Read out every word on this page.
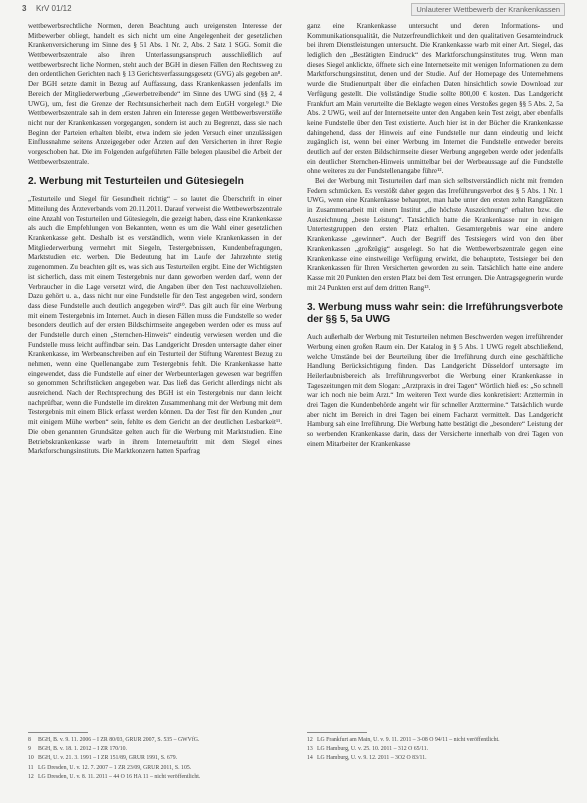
3 KrV 01/12	Unlauterer Wettbewerb der Krankenkassen

wettbewerbsrechtliche Normen, deren Beachtung auch ureigensten Interesse der Mitbewerber obliegt, handelt es sich nicht um eine Angelegenheit der gesetzlichen Krankenversicherung im Sinne des § 51 Abs. 1 Nr. 2, Abs. 2 Satz 1 SGG. Somit die Wettbewerbszentrale also ihren Unterlassungsanspruch ausschließlich auf wettbewerbsrecht liche Normen, steht auch der BGH in diesen Fällen den Rechtsweg zu den ordentlichen Gerichten nach § 13 Gerichtsverfassungsgesetz (GVG) als gegeben an⁸. Der BGH setzte damit in Bezug auf Auffassung, dass Krankenkassen jedenfalls im Bereich der Mitgliederwerbung „Gewerbetreibende“ im Sinne des UWG sind (§§ 2, 4 UWG), um, fest die Grenze der Rechtsunsicherheit nach dem EuGH vorgelegt.⁹ Die Wettbewerbszentrale sah in dem ersten Jahren ein Interesse gegen Wettbewerbsverstöße nicht nur der Krankenkassen vorgegangen, sondern ist auch zu Begrenzt, dass sie nach Beginn der Parteien erhalten bleibt, etwa indem sie jeden Versuch einer unzulässigen Einflussnahme seitens Anzeigegeber oder Ärzten auf den Versicherten in ihrer Regie vorgeschoben hat. Die im Folgenden aufgeführten Fälle belegen plausibel die Arbeit der Wettbewerbszentrale.

2. Werbung mit Testurteilen und Gütesiegeln

„Testurteile und Siegel für Gesundheit richtig“ – so lautet die Überschrift in einer Mitteilung des Ärzteverbands vom 20.11.2011. Darauf verweist die Wettbewerbszentrale eine Anzahl von Testurteilen und Gütesiegeln, die gezeigt haben, dass eine Krankenkasse als auch die Empfehlungen von Bekannten, wenn es um die Wahl einer gesetzlichen Krankenkasse geht. Deshalb ist es verständlich, wenn viele Krankenkassen in der Mitgliederwerbung vermehrt mit Siegeln, Testergebnissen, Kundenbefragungen, Marktstudien etc. werben. Die Bedeutung hat im Laufe der Jahrzehnte stetig zugenommen. Zu beachten gilt es, was sich aus Testurteilen ergibt. Eine der Wichtigsten ist sicherlich, dass mit einem Testergebnis nur dann geworben werden darf, wenn der Verbraucher in die Lage versetzt wird, die Angaben über den Test nachzuvollziehen. Dazu gehört u. a., dass nicht nur eine Fundstelle für den Test angegeben wird, sondern dass diese Fundstelle auch deutlich angegeben wird¹⁰. Das gilt auch für eine Werbung mit einem Testergebnis im Internet. Auch in diesen Fällen muss die Fundstelle so weder besonders deutlich auf der ersten Bildschirmseite angegeben werden oder es muss auf der Fundstelle durch einen „Sternchen-Hinweis“ eindeutig verwiesen werden und die Fundstelle muss leicht auffindbar sein. Das Landgericht Dresden untersagte daher einer Krankenkasse, im Werbeanschreiben auf ein Testurteil der Stiftung Warentest Bezug zu nehmen, wenn eine Quellenangabe zum Testergebnis fehlt. Die Krankenkasse hatte eingewendet, dass die Fundstelle auf einer der Werbeunterlagen gewesen war begriffen so genommen Schriftstücken angegeben war. Das ließ das Gericht allerdings nicht als ausreichend. Nach der Rechtsprechung des BGH ist ein Testergebnis nur dann leicht nachprüfbar, wenn die Fundstelle im direkten Zusammenhang mit der Werbung mit dem Testergebnis mit einem Blick erfasst werden können. Da der Test für den Kunden „nur mit einigem Mühe werben“ sein, fehlte es dem Gericht an der deutlichen Lesbarkeit¹¹. Die oben genannten Grundsätze gelten auch für die Werbung mit Marktstudien. Eine Betriebskrankenkasse warb in ihrem Internetauftritt mit dem Siegel eines Marktforschungsinstituts. Die Marktkonzern hatten Sparfrag

ganz eine Krankenkasse untersucht und deren Informations- und Kommunikationsqualität, die Nutzerfreundlichkeit und den qualitativen Gesamteindruck bei ihrem Dienstleistungen untersucht. Die Krankenkasse warb mit einer Art. Siegel, das lediglich den „Bestätigten Eindruck“ des Marktforschungsinstitutes trug. Wenn man dieses Siegel anklickte, öffnete sich eine Internetseite mit wenigen Informationen zu dem Marktforschungsinstitut, denen und der Studie. Auf der Homepage des Unternehmens wurde die Studienurtpalt über die einfachen Daten hinsichtlich sowie Download zur Verfügung gestellt. Die vollständige Studie sollte 800,00 € kosten. Das Landgericht Frankfurt am Main verurteilte die Beklagte wegen eines Verstoßes gegen §§ 5 Abs. 2, 5a Abs. 2 UWG, weil auf der Internetseite unter den Angaben kein Test zeigt, aber ebenfalls keine Fundstelle über den Test existierte. Auch hier ist in der Bücher die Krankenkasse dahingehend, dass der Hinweis auf eine Fundstelle nur dann eindeutig und leicht zugänglich ist, wenn bei einer Werbung im Internet die Fundstelle entweder bereits deutlich auf der ersten Bildschirmseite dieser Werbung angegeben werde oder jedenfalls ein deutlicher Sternchen-Hinweis unmittelbar bei der Werbeaussage auf die Fundstelle ohne weiteres zu der Fundstellenangabe führe¹².

Bei der Werbung mit Testurteilen darf man sich selbstverständlich nicht mit fremden Federn schmücken. Es verstößt daher gegen das Irreführungsverbot des § 5 Abs. 1 Nr. 1 UWG, wenn eine Krankenkasse behauptet, man habe unter den ersten zehn Rangplätzen in Zusammenarbeit mit einem Institut „die höchste Auszeichnung“ erhalten bzw. die Auszeichnung „beste Leistung“. Tatsächlich hatte die Krankenkasse nur in einigen Untertestgruppen den ersten Platz erhalten. Gesamtergebnis war eine andere Krankenkasse „gewinner“. Auch der Begriff des Testsiegers wird von den über Krankenkassen „großzügig“ ausgelegt. So hat die Wettbewerbszentrale gegen eine Krankenkasse eine einstweilige Verfügung erwirkt, die behauptete, Testsieger bei den Krankenkassen für Ihren Versicherten geworden zu sein. Tatsächlich hatte eine andere Kasse mit 20 Punkten den ersten Platz bei dem Test errungen. Die Antragsgegnerin wurde mit 24 Punkten erst auf dem dritten Rang¹³.

3. Werbung muss wahr sein: die Irreführungsverbote der §§ 5, 5a UWG

Auch außerhalb der Werbung mit Testurteilen nehmen Beschwerden wegen irreführender Werbung einen großen Raum ein. Der Katalog in § 5 Abs. 1 UWG regelt abschließend, welche Umstände bei der Beurteilung über die Irreführung durch eine geschäftliche Handlung Berücksichtigung finden. Das Landgericht Düsseldorf untersagte im Heilerlaubnisbereich als Irreführungsverbot die Werbung einer Krankenkasse in Tageszeitungen mit dem Slogan: „Arztpraxis in drei Tagen“ Wörtlich hieß es: „So schnell war ich noch nie beim Arzt.“ Im weiteren Text wurde dies konkretisiert: Arzttermin in drei Tagen die Kundenbehörde angeht wir für schneller Arzttermine.“ Tatsächlich wurde aber nicht im Bereich in drei Tagen bei einem Facharzt vermittelt. Das Landgericht Hamburg sah eine Irreführung. Die Werbung hatte bestätigt die „besondere“ Leistung der so werbenden Krankenkasse darin, dass der Versicherte innerhalb von drei Tagen von einem Mitarbeiter der Krankenkasse

8	BGH, B. v. 9. 11. 2006 – I ZR 80/03, GRUR 2007, S. 535 – GWVfG.
9	BGH, B. v. 18. 1. 2012 – I ZR 170/10.
10 BGH, U. v. 21. 3. 1991 – I ZR 151/89, GRUR 1991, S. 679.
11 LG Dresden, U. v. 12. 7. 2007 – 1 ZR 23/09, GRUR 2011, S. 105.
12 LG Dresden, U. v. 8. 11. 2011 – 44 O 16 HA 11 – nicht veröffentlicht.
12 LG Frankfurt am Main, U. v. 9. 11. 2011 – 3-08 O 94/11 – nicht veröffentlicht.
13 LG Hamburg, U. v. 25. 10. 2011 – 312 O 65/11.
14 LG Hamburg, U. v. 9. 12. 2011 – 3O2 O 83/11.
